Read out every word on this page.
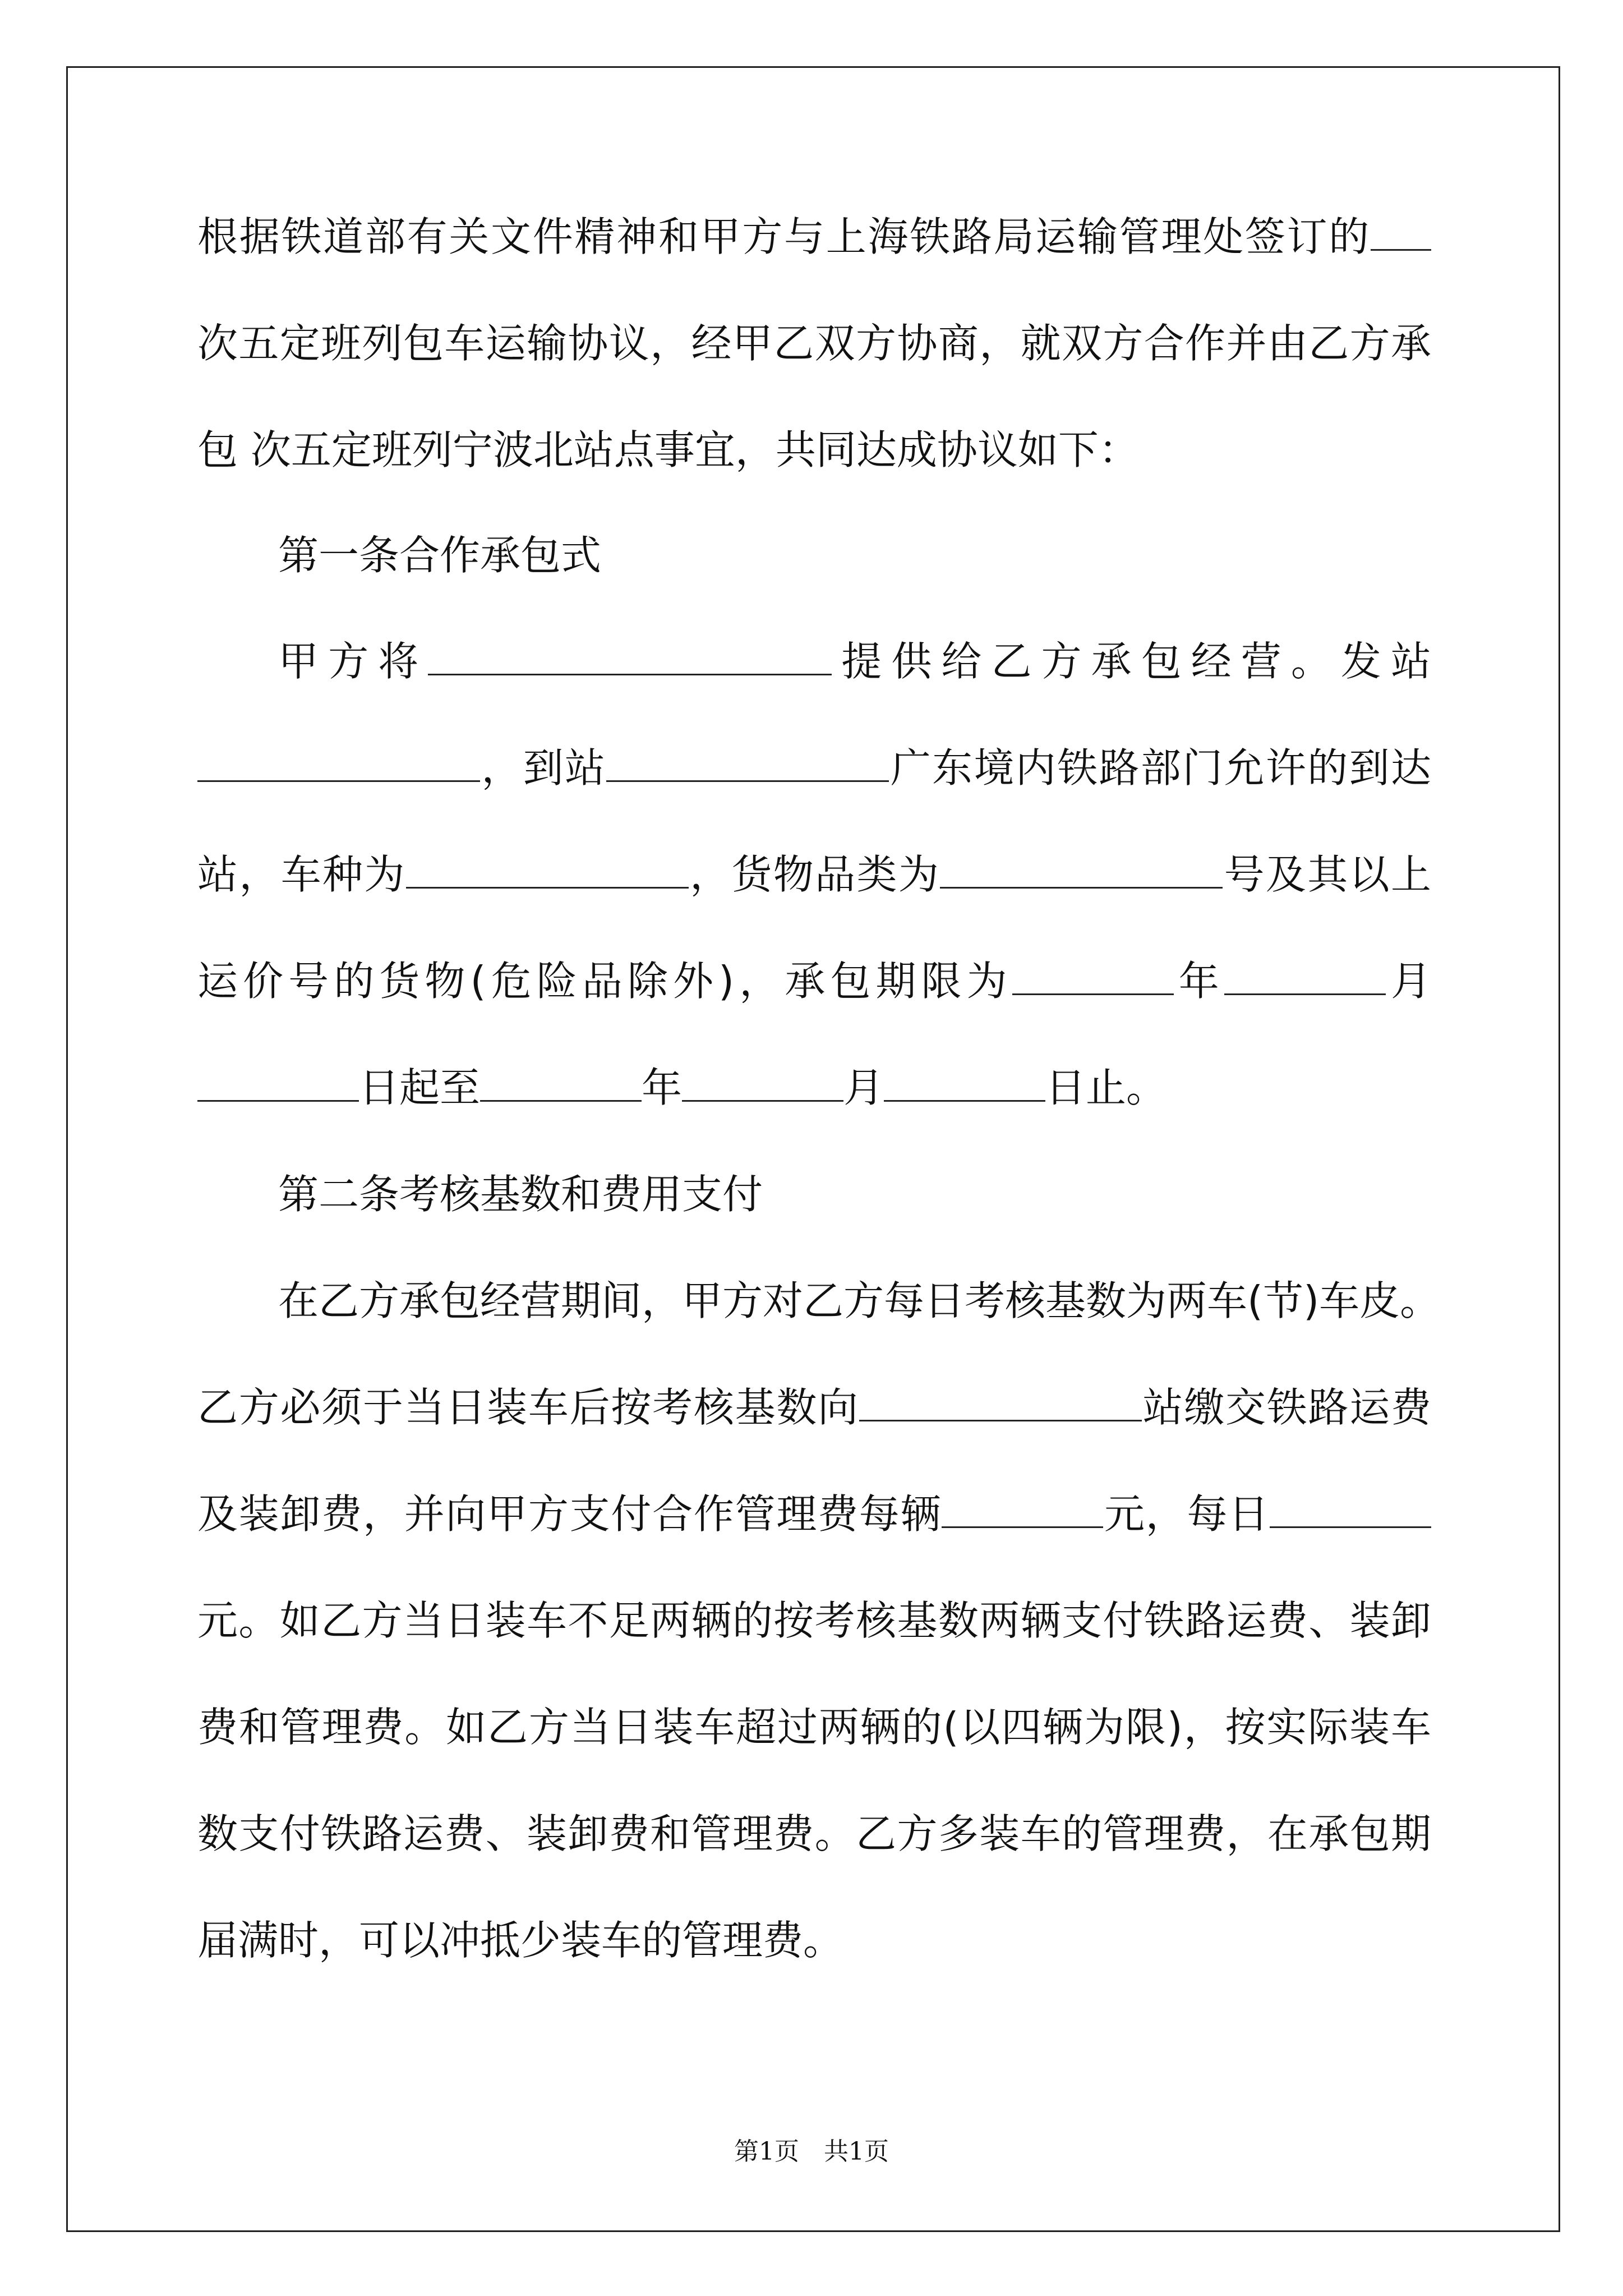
根据铁道部有关文件精神和甲方与上海铁路局运输管理处签订的
次五定班列包车运输协议，经甲乙双方协商，就双方合作并由乙方承
包 次五定班列宁波北站点事宜，共同达成协议如下：
第一条合作承包式
甲方将	提供给乙方承包经营。发站
，到站	广东境内铁路部门允许的到达
站，车种为	，货物品类为	号及其以上
运价号的货物(危险品除外)，承包期限为	年	月
日起至	年	月	日止。
第二条考核基数和费用支付
在乙方承包经营期间，甲方对乙方每日考核基数为两车(节)车皮。
乙方必须于当日装车后按考核基数向	站缴交铁路运费
及装卸费，并向甲方支付合作管理费每辆	元，每日
元。如乙方当日装车不足两辆的按考核基数两辆支付铁路运费、装卸
费和管理费。如乙方当日装车超过两辆的(以四辆为限)，按实际装车
数支付铁路运费、装卸费和管理费。乙方多装车的管理费，在承包期
届满时，可以冲抵少装车的管理费。
第1页　共1页
